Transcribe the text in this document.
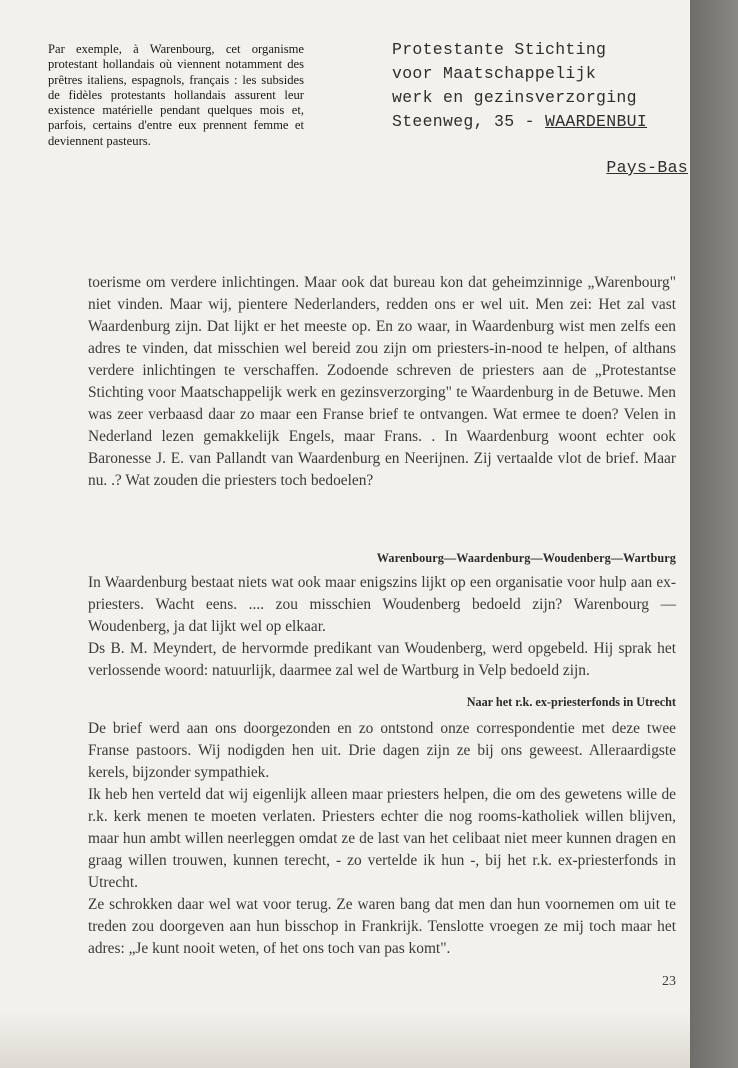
Par exemple, à Warenbourg, cet organisme protestant hollandais où viennent notamment des prêtres italiens, espagnols, français : les subsides de fidèles protestants hollandais assurent leur existence matérielle pendant quelques mois et, parfois, certains d'entre eux prennent femme et deviennent pasteurs.
Protestante Stichting
voor Maatschappelijk
werk en gezinsverzorging
Steenweg, 35 - WAARDENBUI
Pays-Bas

toerisme om verdere inlichtingen. Maar ook dat bureau kon dat geheimzinnige „Warenbourg" niet vinden. Maar wij, pientere Nederlanders, redden ons er wel uit. Men zei: Het zal vast Waardenburg zijn. Dat lijkt er het meeste op. En zo waar, in Waardenburg wist men zelfs een adres te vinden, dat misschien wel bereid zou zijn om priesters-in-nood te helpen, of althans verdere inlichtingen te verschaffen. Zodoende schreven de priesters aan de „Protestantse Stichting voor Maatschappelijk werk en gezinsverzorging" te Waardenburg in de Betuwe. Men was zeer verbaasd daar zo maar een Franse brief te ontvangen. Wat ermee te doen? Velen in Nederland lezen gemakkelijk Engels, maar Frans. . In Waardenburg woont echter ook Baronesse J. E. van Pallandt van Waardenburg en Neerijnen. Zij vertaalde vlot de brief. Maar nu. .? Wat zouden die priesters toch bedoelen?

Warenbourg—Waardenburg—Woudenberg—Wartburg

In Waardenburg bestaat niets wat ook maar enigszins lijkt op een organisatie voor hulp aan ex-priesters. Wacht eens. .... zou misschien Woudenberg bedoeld zijn? Warenbourg — Woudenberg, ja dat lijkt wel op elkaar.

Ds B. M. Meyndert, de hervormde predikant van Woudenberg, werd opgebeld. Hij sprak het verlossende woord: natuurlijk, daarmee zal wel de Wartburg in Velp bedoeld zijn.

Naar het r.k. ex-priesterfonds in Utrecht

De brief werd aan ons doorgezonden en zo ontstond onze correspondentie met deze twee Franse pastoors. Wij nodigden hen uit. Drie dagen zijn ze bij ons geweest. Alleraardigste kerels, bijzonder sympathiek.

Ik heb hen verteld dat wij eigenlijk alleen maar priesters helpen, die om des gewetens wille de r.k. kerk menen te moeten verlaten. Priesters echter die nog rooms-katholiek willen blijven, maar hun ambt willen neerleggen omdat ze de last van het celibaat niet meer kunnen dragen en graag willen trouwen, kunnen terecht, - zo vertelde ik hun -, bij het r.k. ex-priesterfonds in Utrecht.

Ze schrokken daar wel wat voor terug. Ze waren bang dat men dan hun voornemen om uit te treden zou doorgeven aan hun bisschop in Frankrijk. Tenslotte vroegen ze mij toch maar het adres: „Je kunt nooit weten, of het ons toch van pas komt".

23
